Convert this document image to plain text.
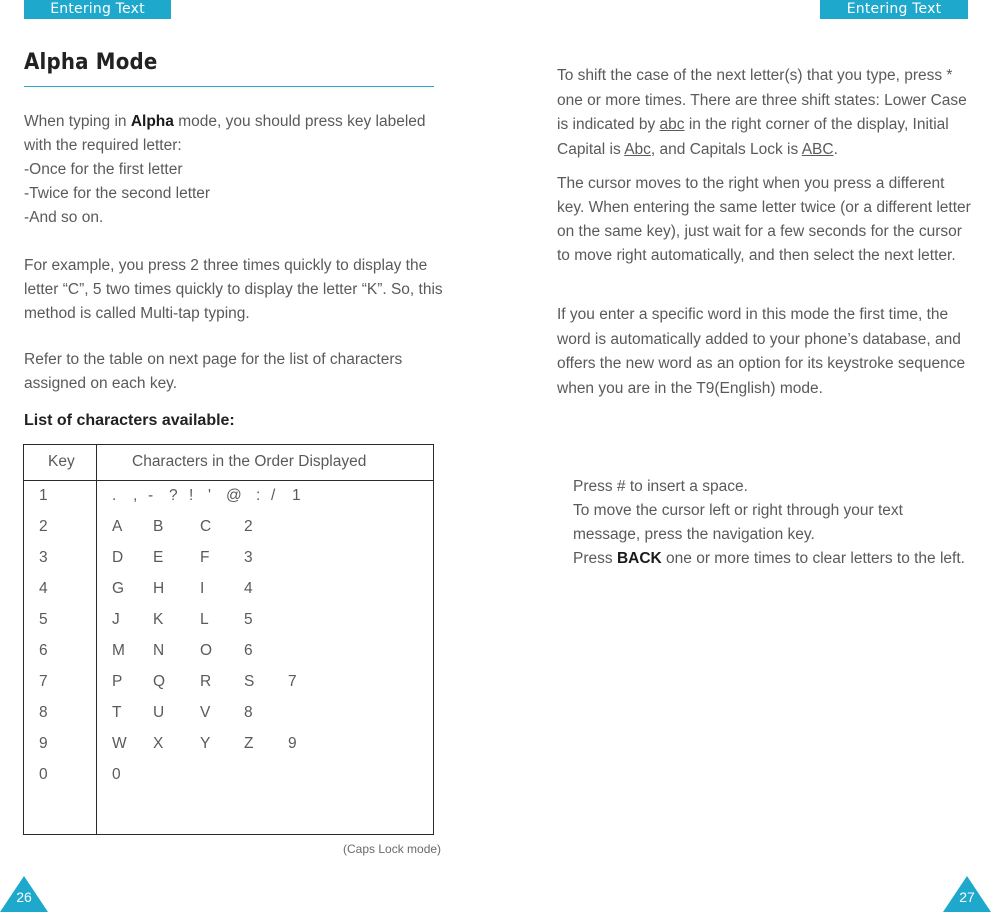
Entering Text	Entering Text
Alpha Mode

When typing in Alpha mode, you should press key labeled with the required letter:
-Once for the first letter
-Twice for the second letter
-And so on.

For example, you press 2 three times quickly to display the letter “C”, 5 two times quickly to display the letter “K”. So, this method is called Multi-tap typing.

Refer to the table on next page for the list of characters assigned on each key.

List of characters available:

Key	Characters in the Order Displayed
1	. , - ? ! ' @ : / 1
2	A B C 2
3	D E F 3
4	G H I	4
5	J K L 5
6	M N O 6
7	P Q R S 7
8	T U V 8
9	W X Y Z 9
0	0
(Caps Lock mode)

To shift the case of the next letter(s) that you type, press * one or more times. There are three shift states: Lower Case is indicated by abc in the right corner of the display, Initial Capital is Abc, and Capitals Lock is ABC.

The cursor moves to the right when you press a different key. When entering the same letter twice (or a different letter on the same key), just wait for a few seconds for the cursor to move right automatically, and then select the next letter.

If you enter a specific word in this mode the first time, the word is automatically added to your phone’s database, and offers the new word as an option for its keystroke sequence when you are in the T9(English) mode.

Press # to insert a space.
To move the cursor left or right through your text message, press the navigation key.
Press BACK one or more times to clear letters to the left.

26	27
